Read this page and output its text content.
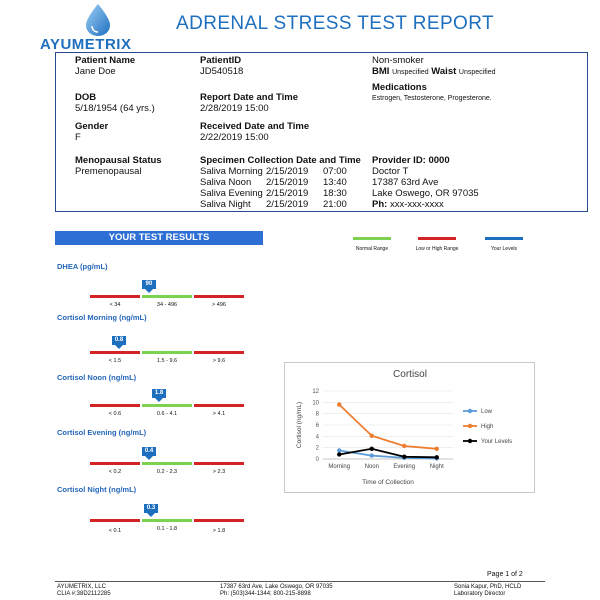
AYUMETRIX
ADRENAL STRESS TEST REPORT
Patient Name
Jane Doe
PatientID
JD540518
Non-smoker
BMI Unspecified Waist Unspecified
Medications
Estrogen, Testosterone, Progesterone.
DOB
5/18/1954 (64 yrs.)
Report Date and Time
2/28/2019 15:00
Gender
F
Received Date and Time
2/22/2019 15:00
Menopausal Status
Premenopausal
Specimen Collection Date and Time
Saliva Morning 2/15/2019	07:00
Saliva Noon	2/15/2019	13:40
Saliva Evening 2/15/2019	18:30
Saliva Night	2/15/2019	21:00
Provider ID: 0000
Doctor T
17387 63rd Ave
Lake Oswego, OR 97035
Ph: xxx-xxx-xxxx
YOUR TEST RESULTS
Normal Range	Low or High Range	Your Levels
DHEA (pg/mL)
90
< 34	34 - 496	> 496
Cortisol Morning (ng/mL)
0.8
< 1.5	1.5 - 9.6	> 9.6
Cortisol Noon (ng/mL)
1.8
< 0.6	0.6 - 4.1	> 4.1
Cortisol Evening (ng/mL)
0.4
< 0.2	0.2 - 2.3	> 2.3
Cortisol Night (ng/mL)
0.3
< 0.1	0.1 - 1.8	> 1.8
Cortisol
0
2
4
6
8
10
12
Morning Noon Evening Night
Time of Collection
Cortisol (ng/mL)	Low
High
Your Levels
Page 1 of 2
AYUMETRIX, LLC
CLIA #:38D2112285
17387 63rd Ave, Lake Oswego, OR 97035
Ph: (503)344-1344; 800-215-8898
Sonia Kapur, PhD, HCLD
Laboratory Director
